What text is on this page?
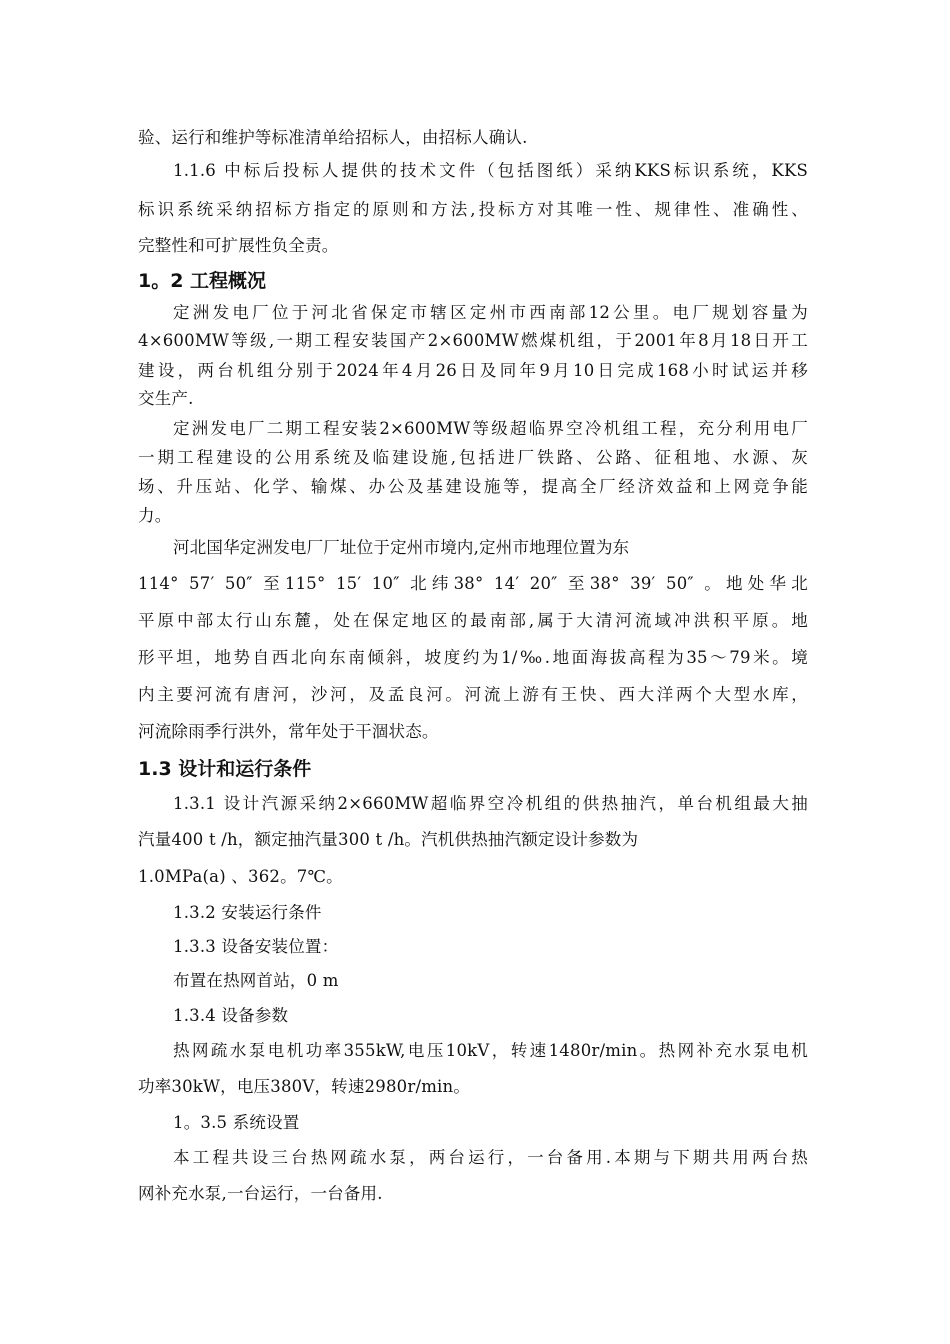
验、运行和维护等标准清单给招标人，由招标人确认.
1.1.6 中标后投标人提供的技术文件（包括图纸）采纳KKS标识系统，KKS
标识系统采纳招标方指定的原则和方法,投标方对其唯一性、规律性、准确性、
完整性和可扩展性负全责。
1。2 工程概况
定洲发电厂位于河北省保定市辖区定州市西南部12公里。电厂规划容量为
4×600MW等级,一期工程安装国产2×600MW燃煤机组，于2001年8月18日开工
建设，两台机组分别于2024年4月26日及同年9月10日完成168小时试运并移
交生产.
定洲发电厂二期工程安装2×600MW等级超临界空冷机组工程，充分利用电厂
一期工程建设的公用系统及临建设施,包括进厂铁路、公路、征租地、水源、灰
场、升压站、化学、输煤、办公及基建设施等，提高全厂经济效益和上网竞争能
力。
河北国华定洲发电厂厂址位于定州市境内,定州市地理位置为东
114° 57′ 50″ 至115° 15′ 10″ 北纬38° 14′ 20″ 至38° 39′ 50″ 。地处华北
平原中部太行山东麓，处在保定地区的最南部,属于大清河流域冲洪积平原。地
形平坦，地势自西北向东南倾斜，坡度约为1/‰.地面海拔高程为35～79米。境
内主要河流有唐河，沙河，及孟良河。河流上游有王快、西大洋两个大型水库，
河流除雨季行洪外，常年处于干涸状态。
1.3 设计和运行条件
1.3.1 设计汽源采纳2×660MW超临界空冷机组的供热抽汽，单台机组最大抽
汽量400 t /h，额定抽汽量300 t /h。汽机供热抽汽额定设计参数为
1.0MPa(a) 、362。7℃。
1.3.2 安装运行条件
1.3.3 设备安装位置：
布置在热网首站，0 m
1.3.4 设备参数
热网疏水泵电机功率355kW,电压10kV，转速1480r/min。热网补充水泵电机
功率30kW，电压380V，转速2980r/min。
1。3.5 系统设置
本工程共设三台热网疏水泵，两台运行，一台备用.本期与下期共用两台热
网补充水泵,一台运行，一台备用.
